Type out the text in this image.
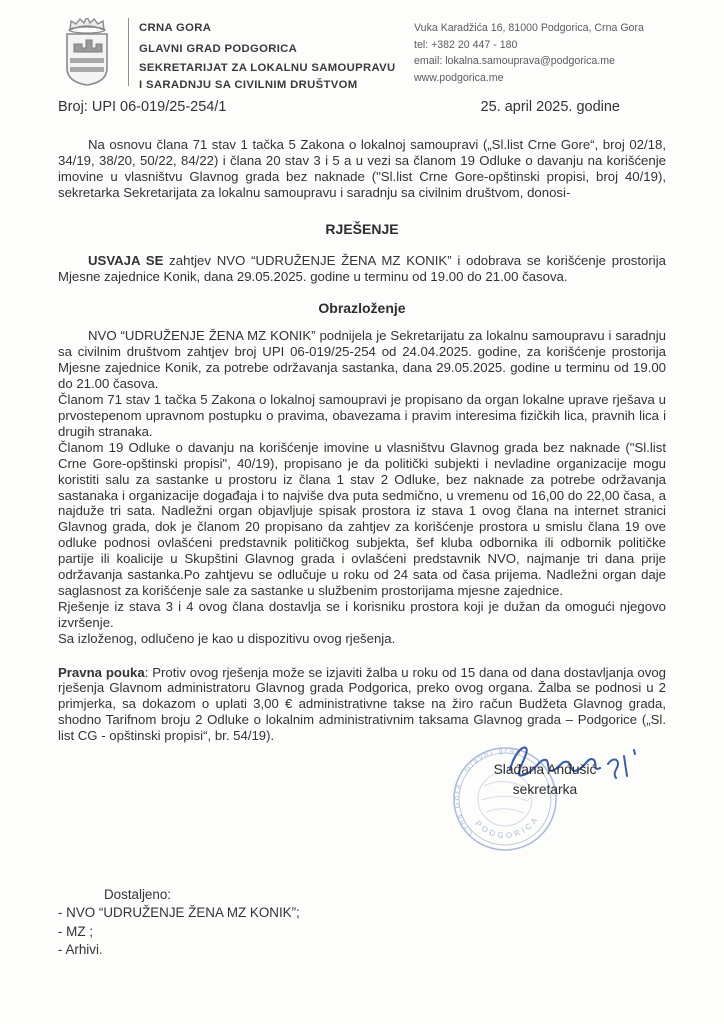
CRNA GORA
GLAVNI GRAD PODGORICA
SEKRETARIJAT ZA LOKALNU SAMOUPRAVU
I SARADNJU SA CIVILNIM DRUŠTVOM
Vuka Karadžića 16, 81000 Podgorica, Crna Gora
tel: +382 20 447 - 180
email: lokalna.samouprava@podgorica.me
www.podgorica.me
Broj: UPI 06-019/25-254/1	25. april 2025. godine

Na osnovu člana 71 stav 1 tačka 5 Zakona o lokalnoj samoupravi („Sl.list Crne Gore“, broj 02/18, 34/19, 38/20, 50/22, 84/22) i člana 20 stav 3 i 5 a u vezi sa članom 19 Odluke o davanju na korišćenje imovine u vlasništvu Glavnog grada bez naknade ("Sl.list Crne Gore-opštinski propisi, broj 40/19), sekretarka Sekretarijata za lokalnu samoupravu i saradnju sa civilnim društvom, donosi-

RJEŠENJE

USVAJA SE zahtjev NVO “UDRUŽENJE ŽENA MZ KONIK” i odobrava se korišćenje prostorija Mjesne zajednice Konik, dana 29.05.2025. godine u terminu od 19.00 do 21.00 časova.

Obrazloženje

NVO “UDRUŽENJE ŽENA MZ KONIK” podnijela je Sekretarijatu za lokalnu samoupravu i saradnju sa civilnim društvom zahtjev broj UPI 06-019/25-254 od 24.04.2025. godine, za korišćenje prostorija Mjesne zajednice Konik, za potrebe održavanja sastanka, dana 29.05.2025. godine u terminu od 19.00 do 21.00 časova.

Članom 71 stav 1 tačka 5 Zakona o lokalnoj samoupravi je propisano da organ lokalne uprave rješava u prvostepenom upravnom postupku o pravima, obavezama i pravim interesima fizičkih lica, pravnih lica i drugih stranaka.

Članom 19 Odluke o davanju na korišćenje imovine u vlasništvu Glavnog grada bez naknade ("Sl.list Crne Gore-opštinski propisi", 40/19), propisano je da politički subjekti i nevladine organizacije mogu koristiti salu za sastanke u prostoru iz člana 1 stav 2 Odluke, bez naknade za potrebe održavanja sastanaka i organizacije događaja i to najviše dva puta sedmično, u vremenu od 16,00 do 22,00 časa, a najduže tri sata. Nadležni organ objavljuje spisak prostora iz stava 1 ovog člana na internet stranici Glavnog grada, dok je članom 20 propisano da zahtjev za korišćenje prostora u smislu člana 19 ove odluke podnosi ovlašćeni predstavnik političkog subjekta, šef kluba odbornika ili odbornik političke partije ili koalicije u Skupštini Glavnog grada i ovlašćeni predstavnik NVO, najmanje tri dana prije održavanja sastanka.Po zahtjevu se odlučuje u roku od 24 sata od časa prijema. Nadležni organ daje saglasnost za korišćenje sale za sastanke u službenim prostorijama mjesne zajednice.

Rješenje iz stava 3 i 4 ovog člana dostavlja se i korisniku prostora koji je dužan da omogući njegovo izvršenje.

Sa izloženog, odlučeno je kao u dispozitivu ovog rješenja.

Pravna pouka: Protiv ovog rješenja može se izjaviti žalba u roku od 15 dana od dana dostavljanja ovog rješenja Glavnom administratoru Glavnog grada Podgorica, preko ovog organa. Žalba se podnosi u 2 primjerka, sa dokazom o uplati 3,00 € administrativne takse na žiro račun Budžeta Glavnog grada, shodno Tarifnom broju 2 Odluke o lokalnim administrativnim taksama Glavnog grada – Podgorice („Sl. list CG - opštinski propisi“, br. 54/19).

Crna Gora · Glavni grad
PODGORICA
Slađana Anđušić
sekretarka
Dostaljeno:
- NVO “UDRUŽENJE ŽENA MZ KONIK”;
- MZ ;
- Arhivi.
